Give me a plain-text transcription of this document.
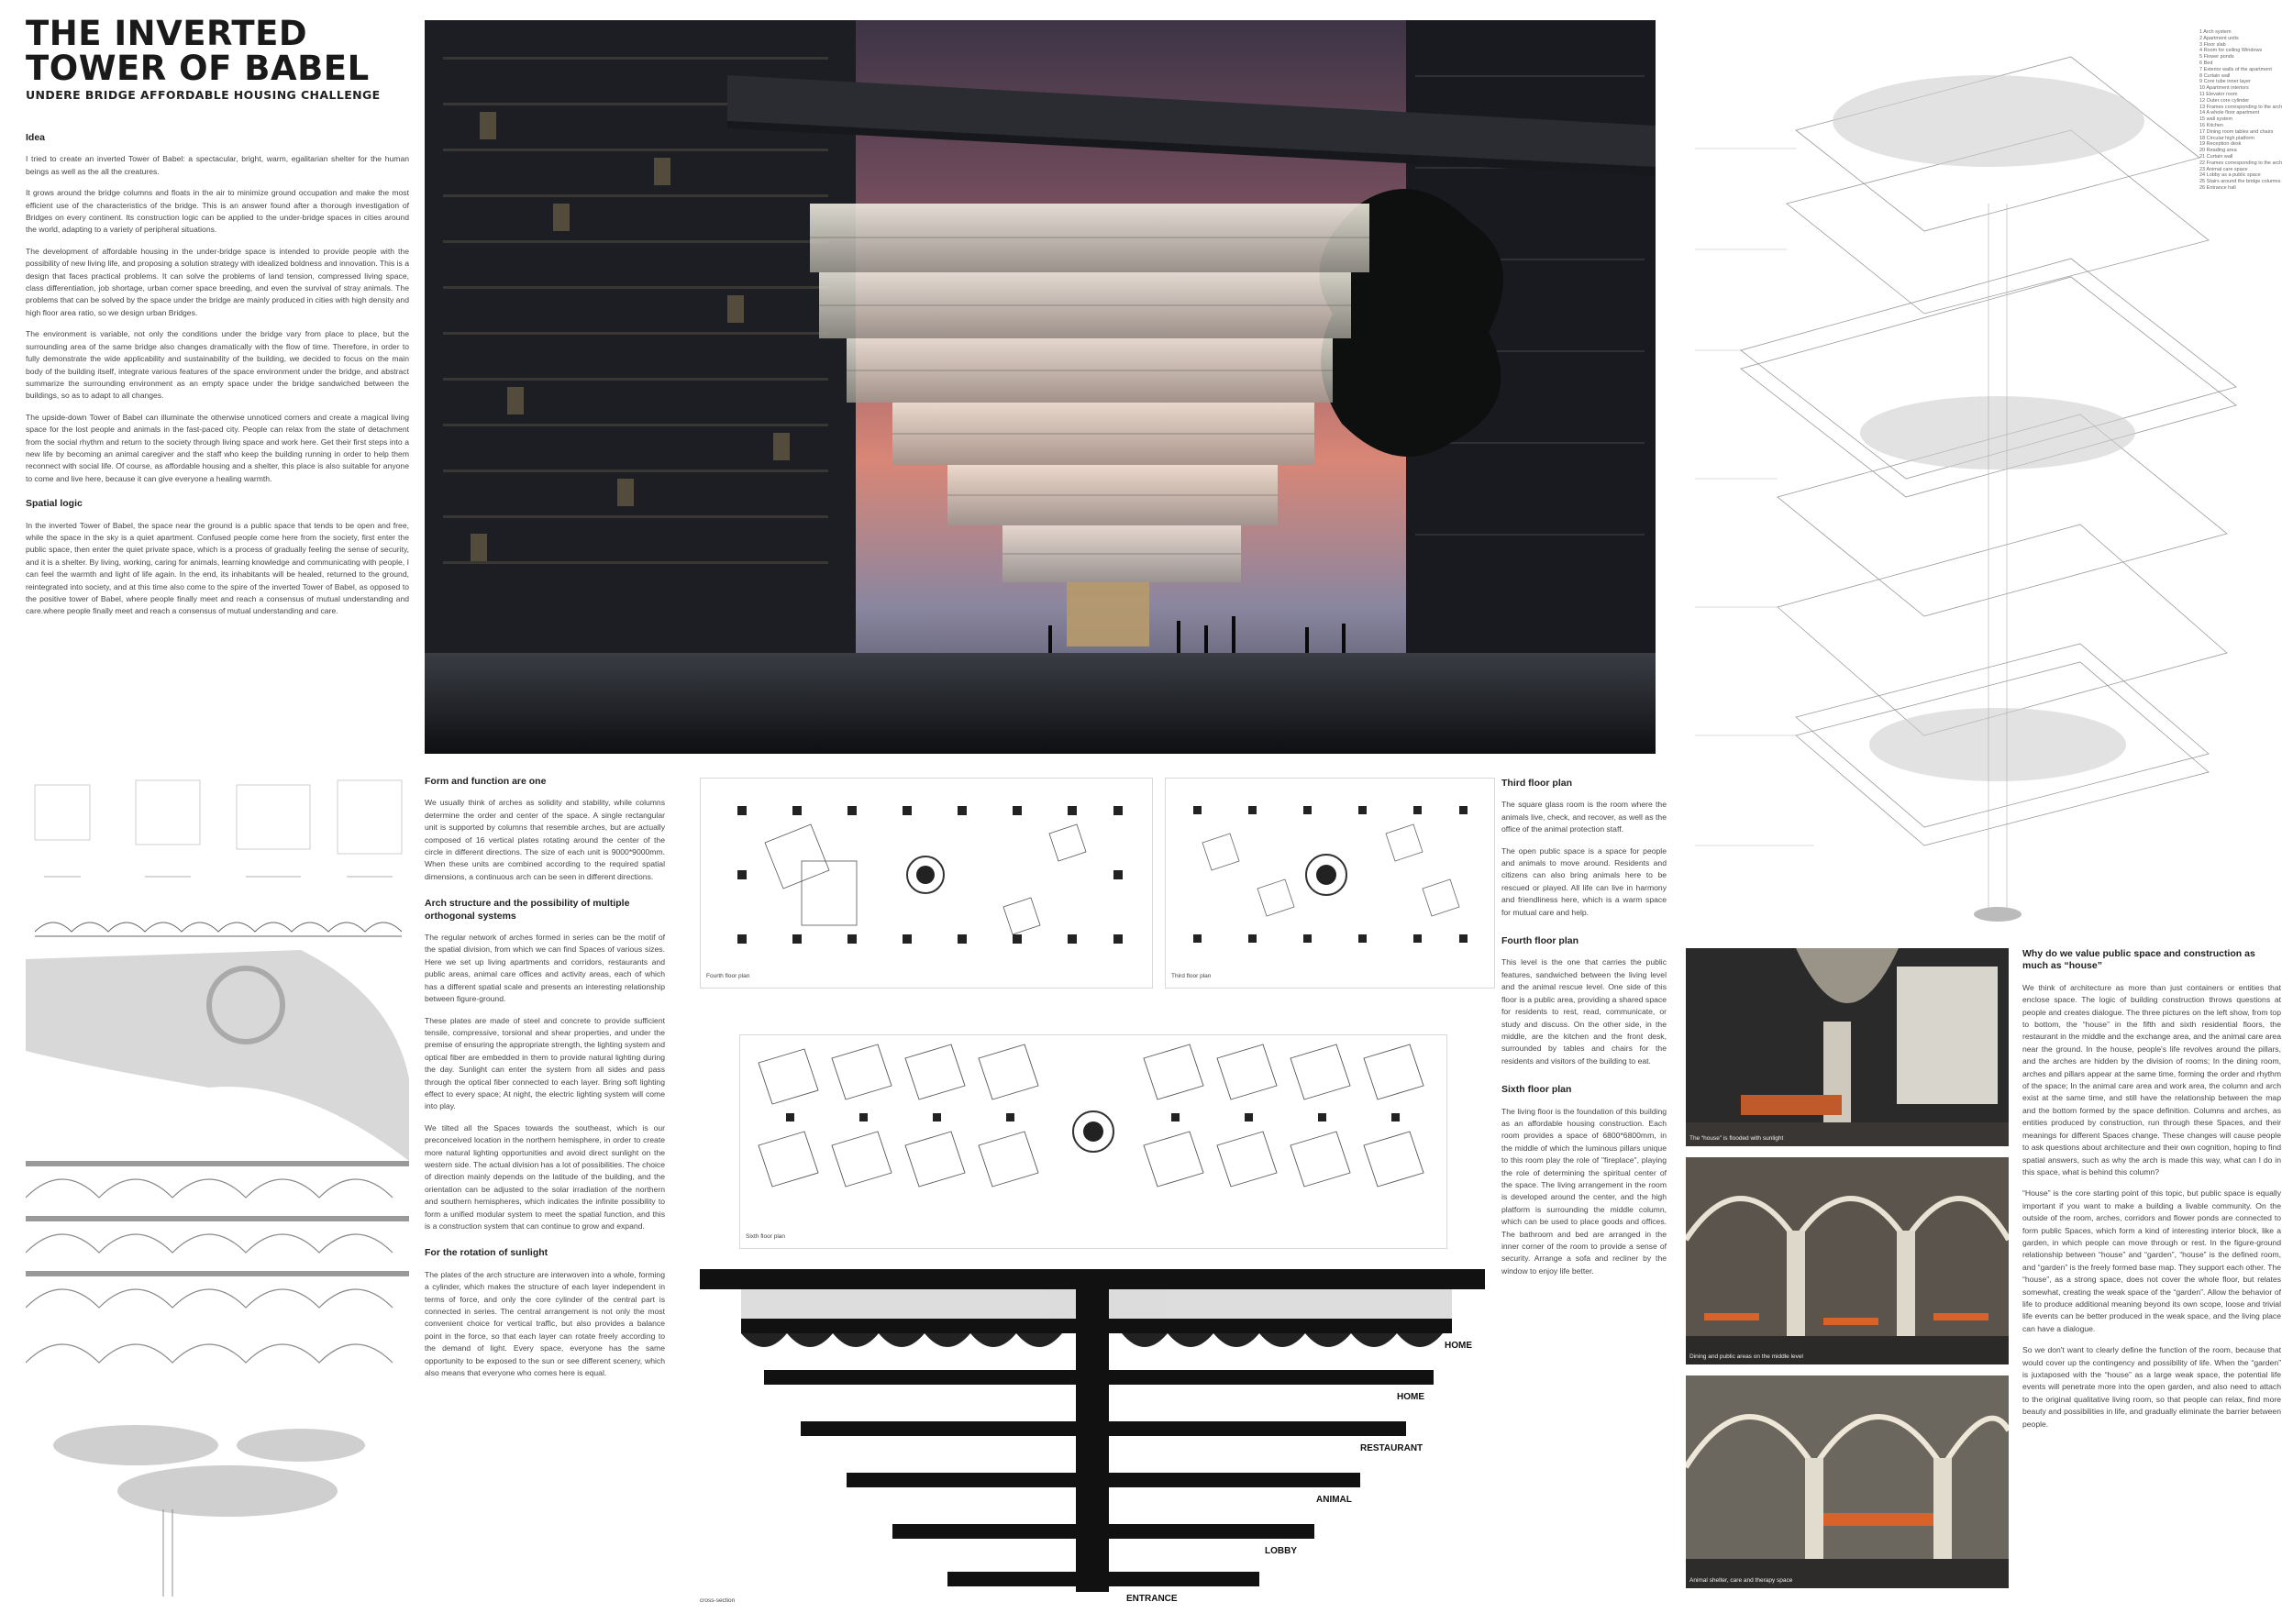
THE INVERTED
TOWER OF BABEL
UNDERE BRIDGE AFFORDABLE HOUSING CHALLENGE
Idea

I tried to create an inverted Tower of Babel: a spectacular, bright, warm, egalitarian shelter for the human beings as well as the all the creatures.

It grows around the bridge columns and floats in the air to minimize ground occupation and make the most efficient use of the characteristics of the bridge. This is an answer found after a thorough investigation of Bridges on every continent. Its construction logic can be applied to the under-bridge spaces in cities around the world, adapting to a variety of peripheral situations.

The development of affordable housing in the under-bridge space is intended to provide people with the possibility of new living life, and proposing a solution strategy with idealized boldness and innovation. This is a design that faces practical problems. It can solve the problems of land tension, compressed living space, class differentiation, job shortage, urban corner space breeding, and even the survival of stray animals. The problems that can be solved by the space under the bridge are mainly produced in cities with high density and high floor area ratio, so we design urban Bridges.

The environment is variable, not only the conditions under the bridge vary from place to place, but the surrounding area of the same bridge also changes dramatically with the flow of time. Therefore, in order to fully demonstrate the wide applicability and sustainability of the building, we decided to focus on the main body of the building itself, integrate various features of the space environment under the bridge, and abstract summarize the surrounding environment as an empty space under the bridge sandwiched between the buildings, so as to adapt to all changes.

The upside-down Tower of Babel can illuminate the otherwise unnoticed corners and create a magical living space for the lost people and animals in the fast-paced city. People can relax from the state of detachment from the social rhythm and return to the society through living space and work here. Get their first steps into a new life by becoming an animal caregiver and the staff who keep the building running in order to help them reconnect with social life. Of course, as affordable housing and a shelter, this place is also suitable for anyone to come and live here, because it can give everyone a healing warmth.

Spatial logic

In the inverted Tower of Babel, the space near the ground is a public space that tends to be open and free, while the space in the sky is a quiet apartment. Confused people come here from the society, first enter the public space, then enter the quiet private space, which is a process of gradually feeling the sense of security, and it is a shelter. By living, working, caring for animals, learning knowledge and communicating with people, I can feel the warmth and light of life again. In the end, its inhabitants will be healed, returned to the ground, reintegrated into society, and at this time also come to the spire of the inverted Tower of Babel, as opposed to the positive tower of Babel, where people finally meet and reach a consensus of mutual understanding and care.where people finally meet and reach a consensus of mutual understanding and care.

1 Arch system
2 Apartment units
3 Floor slab
4 Room for ceiling Windows
5 Flower ponds
6 Bed
7 Exterior walls of the apartment
8 Curtain wall
9 Core tube inner layer
10 Apartment interiors
11 Elevator room
12 Outer core cylinder
13 Frames corresponding to the arch
14 A whole floor apartment
15 wall system
16 Kitchen
17 Dining room tables and chairs
18 Circular high platform
19 Reception desk
20 Reading area
21 Curtain wall
22 Frames corresponding to the arch
23 Animal care space
24 Lobby as a public space
25 Stairs around the bridge columns
26 Entrance hall
Form and function are one

We usually think of arches as solidity and stability, while columns determine the order and center of the space. A single rectangular unit is supported by columns that resemble arches, but are actually composed of 16 vertical plates rotating around the center of the circle in different directions. The size of each unit is 9000*9000mm. When these units are combined according to the required spatial dimensions, a continuous arch can be seen in different directions.

Arch structure and the possibility of multiple orthogonal systems

The regular network of arches formed in series can be the motif of the spatial division, from which we can find Spaces of various sizes. Here we set up living apartments and corridors, restaurants and public areas, animal care offices and activity areas, each of which has a different spatial scale and presents an interesting relationship between figure-ground.

These plates are made of steel and concrete to provide sufficient tensile, compressive, torsional and shear properties, and under the premise of ensuring the appropriate strength, the lighting system and optical fiber are embedded in them to provide natural lighting during the day. Sunlight can enter the system from all sides and pass through the optical fiber connected to each layer. Bring soft lighting effect to every space; At night, the electric lighting system will come into play.

We tilted all the Spaces towards the southeast, which is our preconceived location in the northern hemisphere, in order to create more natural lighting opportunities and avoid direct sunlight on the western side. The actual division has a lot of possibilities. The choice of direction mainly depends on the latitude of the building, and the orientation can be adjusted to the solar irradiation of the northern and southern hemispheres, which indicates the infinite possibility to form a unified modular system to meet the spatial function, and this is a construction system that can continue to grow and expand.

For the rotation of sunlight

The plates of the arch structure are interwoven into a whole, forming a cylinder, which makes the structure of each layer independent in terms of force, and only the core cylinder of the central part is connected in series. The central arrangement is not only the most convenient choice for vertical traffic, but also provides a balance point in the force, so that each layer can rotate freely according to the demand of light. Every space, everyone has the same opportunity to be exposed to the sun or see different scenery, which also means that everyone who comes here is equal.

Fourth floor plan	Third floor plan
Sixth floor plan
HOME
HOME
RESTAURANT
ANIMAL
LOBBY
ENTRANCE
cross-section
Third floor plan

The square glass room is the room where the animals live, check, and recover, as well as the office of the animal protection staff.

The open public space is a space for people and animals to move around. Residents and citizens can also bring animals here to be rescued or played. All life can live in harmony and friendliness here, which is a warm space for mutual care and help.

Fourth floor plan

This level is the one that carries the public features, sandwiched between the living level and the animal rescue level. One side of this floor is a public area, providing a shared space for residents to rest, read, communicate, or study and discuss. On the other side, in the middle, are the kitchen and the front desk, surrounded by tables and chairs for the residents and visitors of the building to eat.

Sixth floor plan

The living floor is the foundation of this building as an affordable housing construction. Each room provides a space of 6800*6800mm, in the middle of which the luminous pillars unique to this room play the role of "fireplace", playing the role of determining the spiritual center of the space. The living arrangement in the room is developed around the center, and the high platform is surrounding the middle column, which can be used to place goods and offices. The bathroom and bed are arranged in the inner corner of the room to provide a sense of security. Arrange a sofa and recliner by the window to enjoy life better.

The “house” is flooded with sunlight
Dining and public areas on the middle level
Animal shelter, care and therapy space
Why do we value public space and construction as much as “house”

We think of architecture as more than just containers or entities that enclose space. The logic of building construction throws questions at people and creates dialogue. The three pictures on the left show, from top to bottom, the “house” in the fifth and sixth residential floors, the restaurant in the middle and the exchange area, and the animal care area near the ground. In the house, people's life revolves around the pillars, and the arches are hidden by the division of rooms; In the dining room, arches and pillars appear at the same time, forming the order and rhythm of the space; In the animal care area and work area, the column and arch exist at the same time, and still have the relationship between the map and the bottom formed by the space definition. Columns and arches, as entities produced by construction, run through these Spaces, and their meanings for different Spaces change. These changes will cause people to ask questions about architecture and their own cognition, hoping to find spatial answers, such as why the arch is made this way, what can I do in this space, what is behind this column?

“House” is the core starting point of this topic, but public space is equally important if you want to make a building a livable community. On the outside of the room, arches, corridors and flower ponds are connected to form public Spaces, which form a kind of interesting interior block, like a garden, in which people can move through or rest. In the figure-ground relationship between “house” and “garden”, “house” is the defined room, and “garden” is the freely formed base map. They support each other. The “house”, as a strong space, does not cover the whole floor, but relates somewhat, creating the weak space of the “garden”. Allow the behavior of life to produce additional meaning beyond its own scope, loose and trivial life events can be better produced in the weak space, and the living place can have a dialogue.

So we don't want to clearly define the function of the room, because that would cover up the contingency and possibility of life. When the “garden” is juxtaposed with the “house” as a large weak space, the potential life events will penetrate more into the open garden, and also need to attach to the original qualitative living room, so that people can relax, find more beauty and possibilities in life, and gradually eliminate the barrier between people.
